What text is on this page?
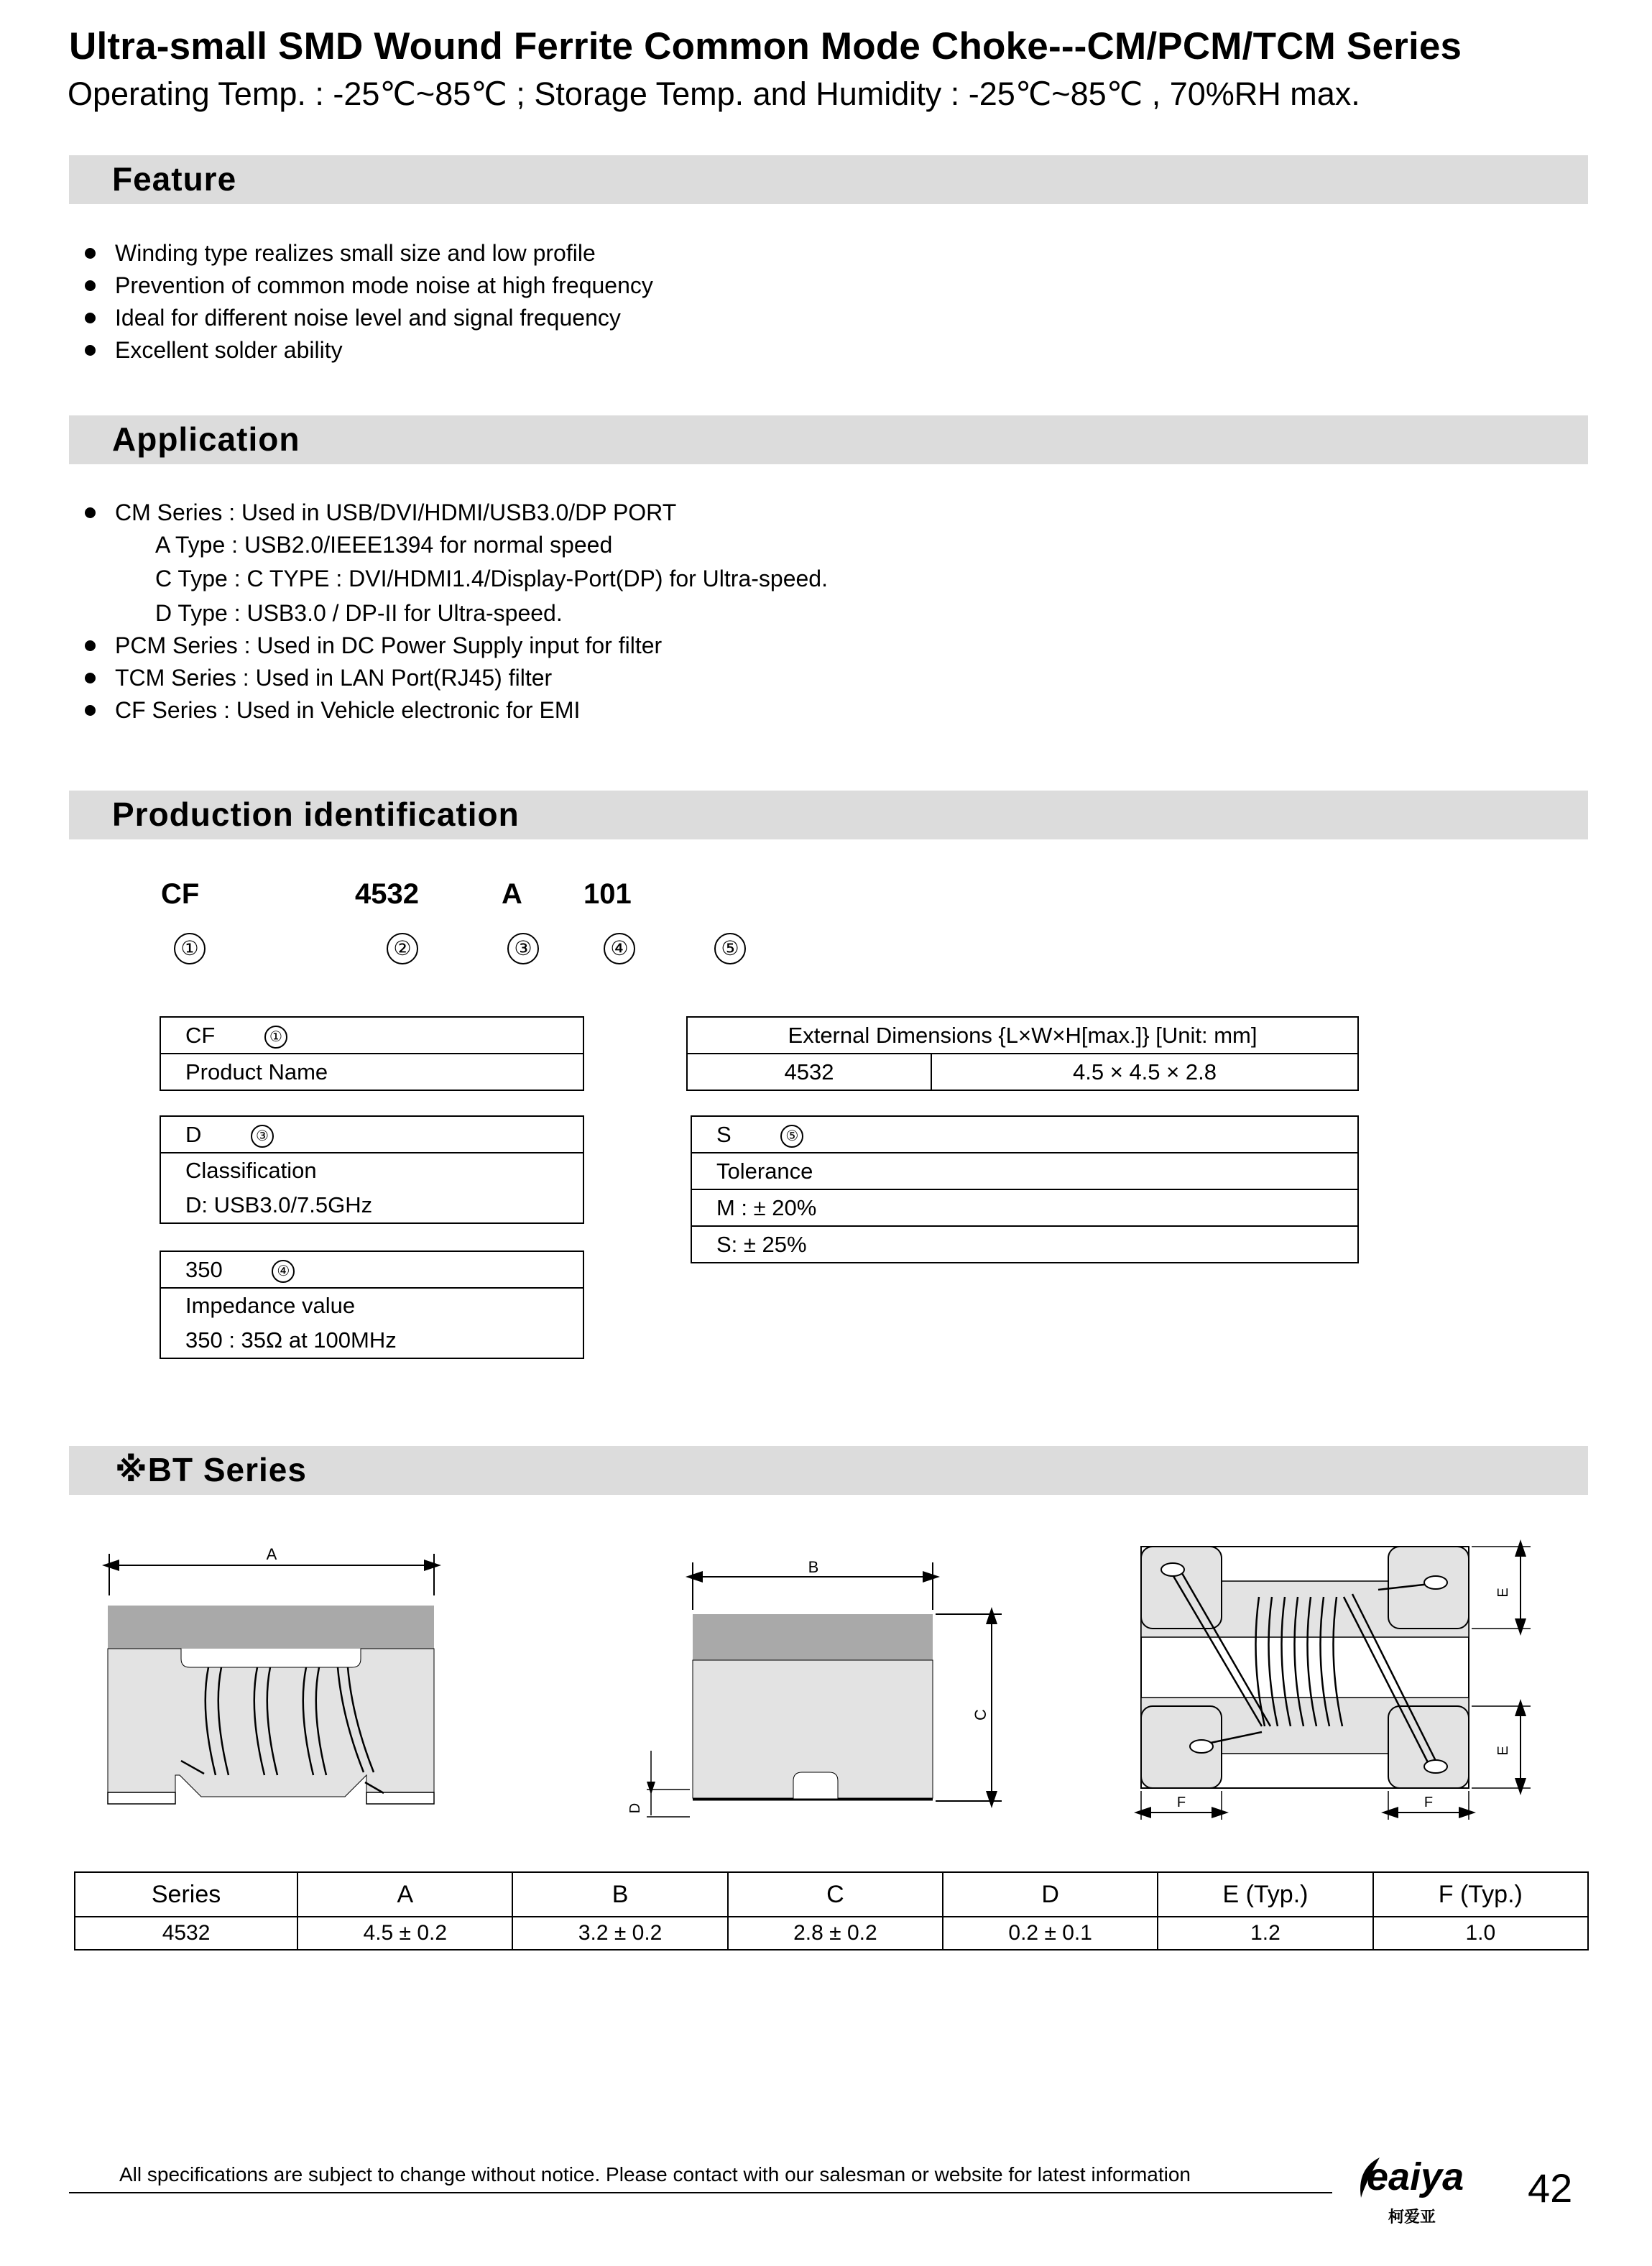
Ultra-small SMD Wound Ferrite Common Mode Choke---CM/PCM/TCM Series
Operating Temp. : -25℃~85℃ ; Storage Temp. and Humidity : -25℃~85℃ , 70%RH max.
Feature
Winding type realizes small size and low profile
Prevention of common mode noise at high frequency
Ideal for different noise level and signal frequency
Excellent solder ability
Application
CM Series : Used in USB/DVI/HDMI/USB3.0/DP PORT
A Type : USB2.0/IEEE1394 for normal speed
C Type : C TYPE : DVI/HDMI1.4/Display-Port(DP) for Ultra-speed.
D Type : USB3.0 / DP-II for Ultra-speed.
PCM Series : Used in DC Power Supply input for filter
TCM Series : Used in LAN Port(RJ45) filter
CF Series : Used in Vehicle electronic for EMI
Production identification
CF	4532	A 101
①	②	③	④	⑤
CF	①
Product Name
D	③
Classification
D: USB3.0/7.5GHz
350	④
Impedance value
350 : 35Ω at 100MHz
External Dimensions {L×W×H[max.]} [Unit: mm]
4532	4.5 × 4.5 × 2.8
S	⑤
Tolerance
M : ± 20%
S: ± 25%
※BT Series
A
B
C
D
E
E
F	F
Series	A	B	C	D	E (Typ.)	F (Typ.)
4532	4.5 ± 0.2	3.2 ± 0.2	2.8 ± 0.2	0.2 ± 0.1	1.2	1.0
All specifications are subject to change without notice. Please contact with our salesman or website for latest information	eaiya
柯爱亚
42
